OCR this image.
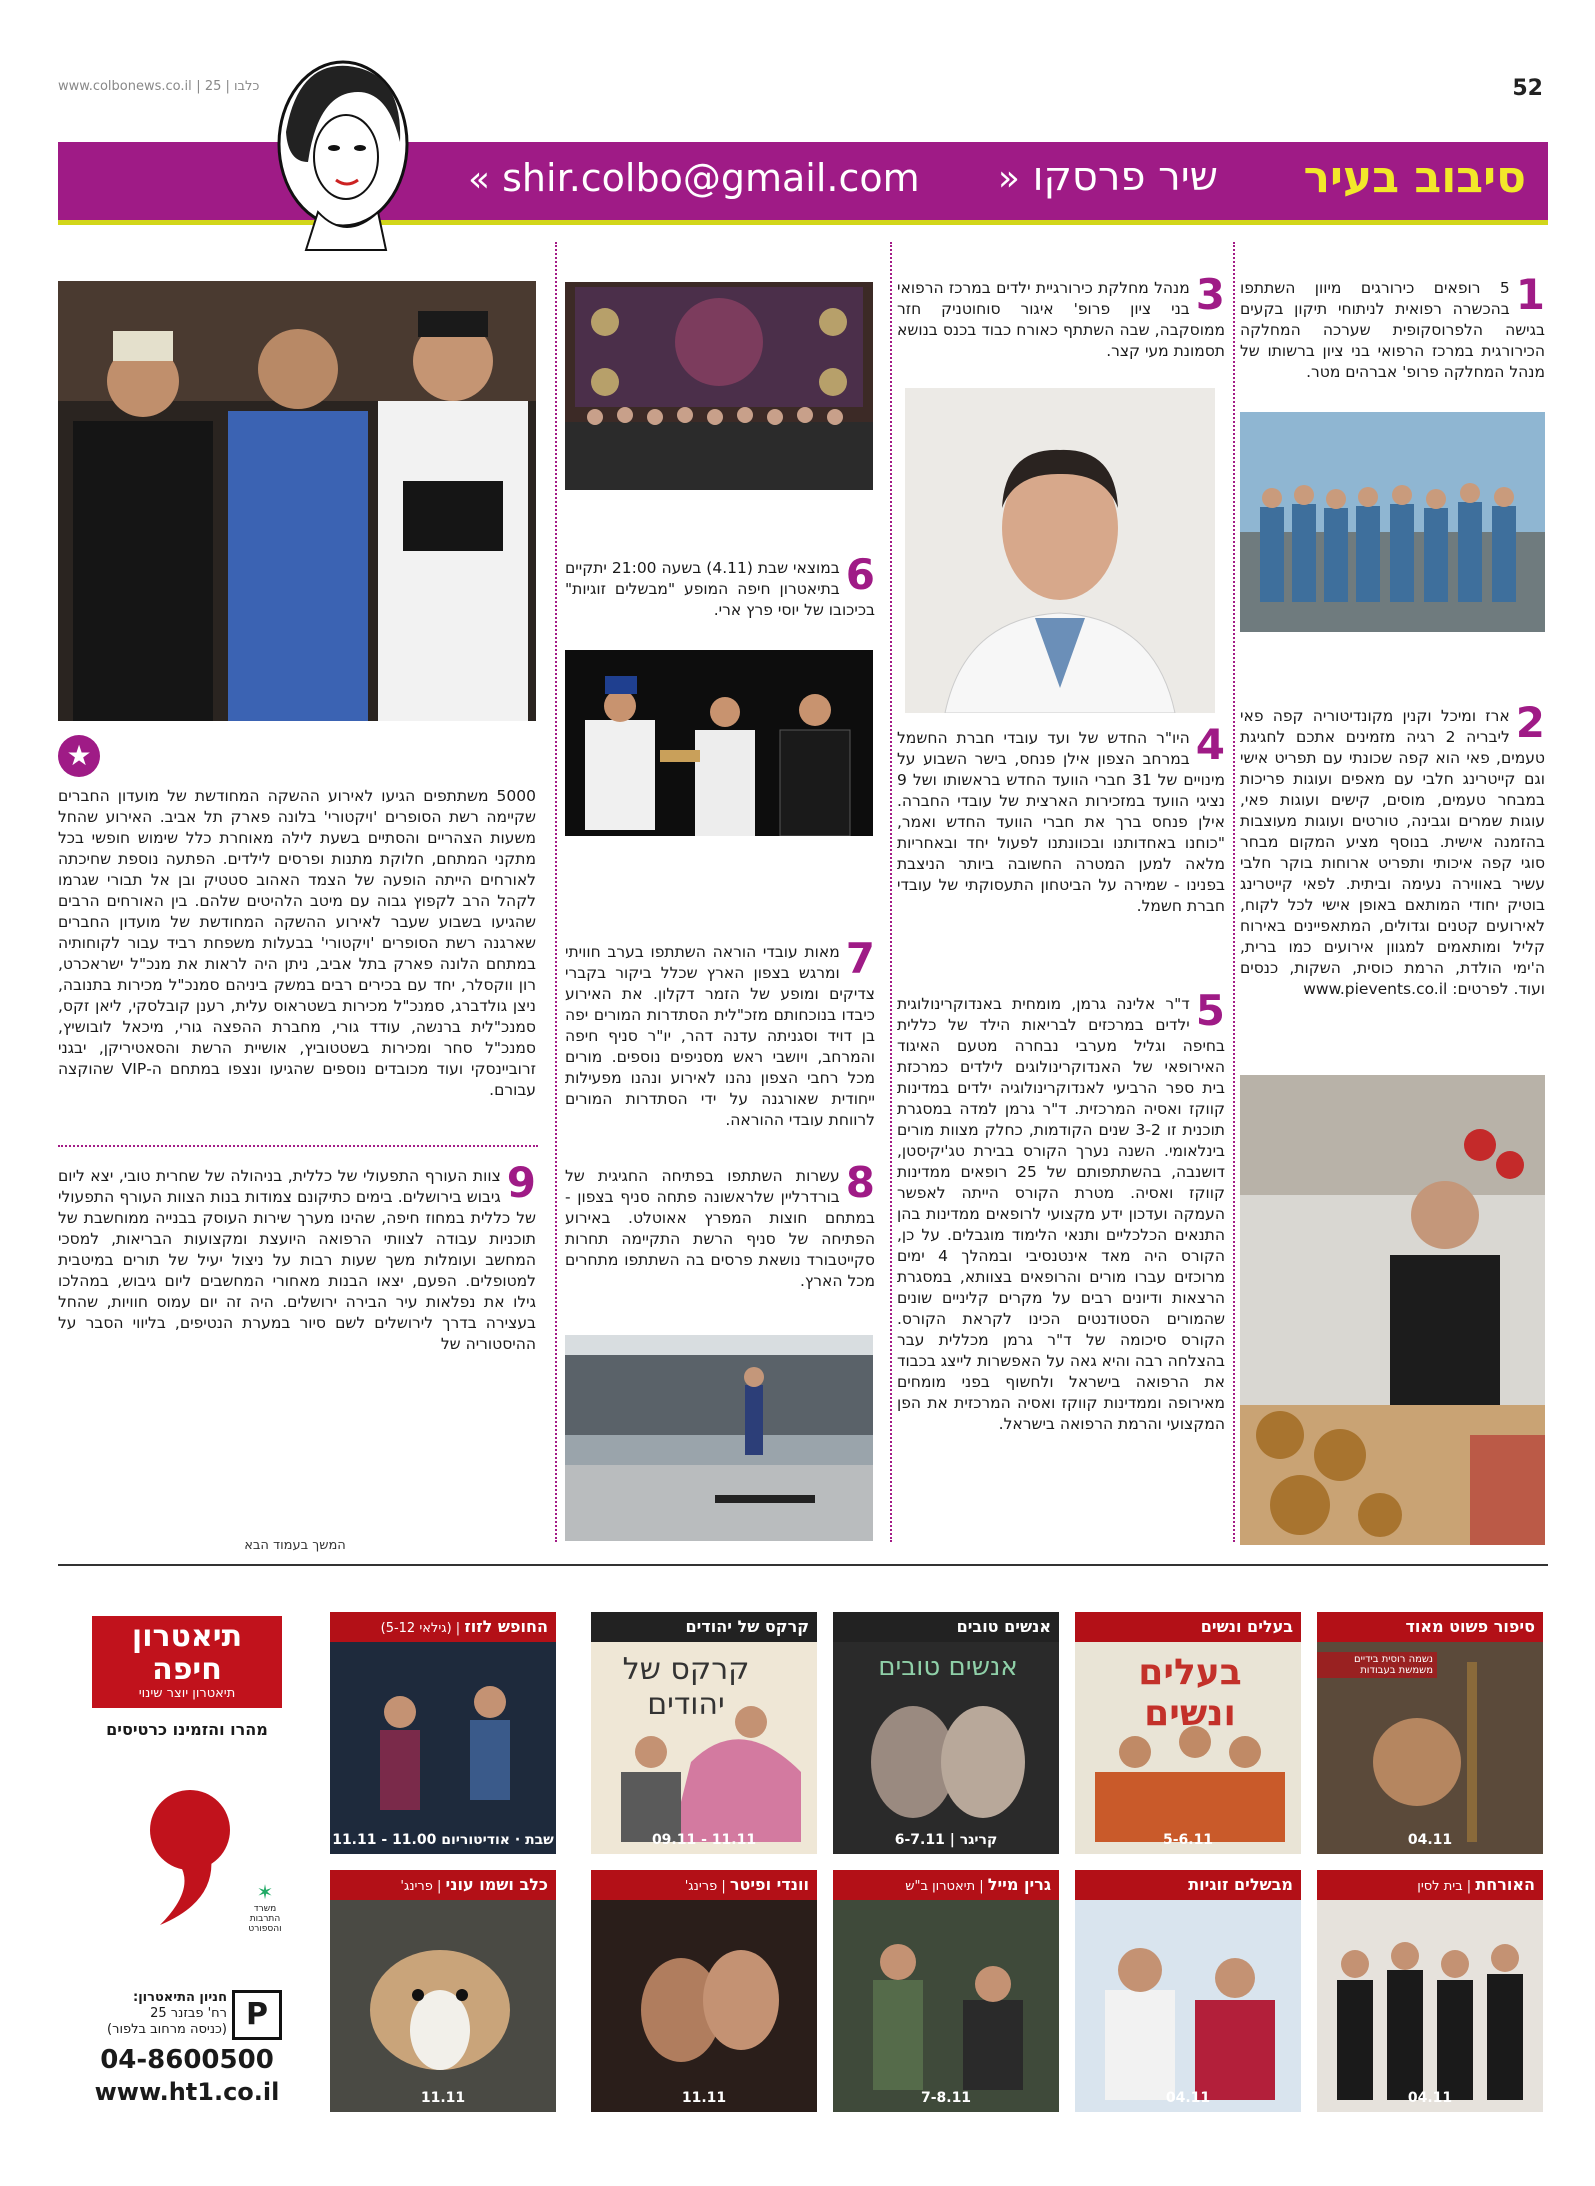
www.colbonews.co.il | כלבו | 25	52
סיבוב בעיר
שיר פרסקו «
« shir.colbo@gmail.com
1
5 רופאים כירורגים מיוון השתתפו בהכשרה רפואית לניתוחי תיקון בקעים בגישה הלפרוסקופית שערכה המחלקה הכירורגית במרכז הרפואי בני ציון ברשותו של מנהל המחלקה פרופ' אברהים מטר.
2
ארז ומיכל וקנין מקונדיטוריה קפה פאי ליבריה 2 רגיה מזמינים אתכם לחגיגת טעמים, פאי הוא קפה שכונתי עם תפריט אישי וגם קייטרינג חלבי עם מאפים ועוגות פריכות במבחר טעמים, מוסים, קישים ועוגות פאי, עוגות שמרים וגבינה, טורטים ועוגות מעוצבות בהזמנה אישית. בנוסף מציע המקום מבחר סוגי קפה איכותי ותפריט ארוחות בוקר חלבי עשיר באווירה נעימה וביתית. לפאי קייטרינג בוטיק יחודי המותאם באופן אישי לכל לקוח, לאירועים קטנים וגדולים, המתאפיינים באירוח קליל ומותאמים למגוון אירועים כמו ברית, ה'ימי הולדת, הרמת כוסית, השקות, כנסים ועוד. לפרטים: www.pievents.co.il
3
מנהל מחלקת כירורגיית ילדים במרכז הרפואי בני ציון פרופ' איגור סוחוטניק חזר ממוסקבה, שבה השתתף כאורח כבוד בכנס בנושא תסמונת מעי קצר.
4
היו"ר החדש של ועד עובדי חברת החשמל במרחב הצפון אילן פנחס, בישר השבוע על מינויים של 31 חברי הוועד החדש בראשותו ושל 9 נציגי הוועד במזכירות הארצית של עובדי החברה. אילן פנחס ברך את חברי הוועד החדש ואמר, "כוחנו באחדותנו ובכוונתנו לפעול יחד ובאחריות מלאה למען המטרה החשובה ביותר הניצבת בפנינו - שמירה על הביטחון התעסוקתי של עובדי חברת חשמל.
5
ד"ר אלינה גרמן, מומחית באנדוקרינולוגית ילדים במרכזים לבריאות הילד של כללית בחיפה וגליל מערבי נבחרה מטעם האיגוד האירופאי של האנדוקרינולוגים לילדים כמרכזת בית ספר הרביעי לאנדוקרינולוגיה ילדים במדינות קווקז ואסיה המרכזית. ד"ר גרמן למדה במסגרת תוכנית זו 3-2 שנים הקודמות, כחלק מצוות מורים בינלאומי. השנה נערך הקורס בבירת טג'יקיסטן, דושנבה, בהשתתפותם של 25 רופאים ממדינות קווקז ואסיה. מטרת הקורס הייתה לאפשר העמקה ועדכון ידע מקצועי לרופאים ממדינות בהן התנאים הכלכליים ותנאי הלימוד מוגבלים. על כן, הקורס היה מאד אינטנסיבי ובמהלך 4 ימים מרוכזים עברו מורים והרופאים בצוותא, במסגרת הרצאות ודיונים רבים על מקרים קליניים שונים שהמורים הסטודנטים הכינו לקראת הקורס. הקורס סיכומה של ד"ר גרמן מכללית עבר בהצלחה רבה והיא גאה על האפשרות לייצג בכבוד את הרפואה בישראל ולחשוף בפני מומחים מאירופה וממדינות קווקז ואסיה המרכזית את הפן המקצועי והרמת הרפואה בישראל.
6
במוצאי שבת (4.11) בשעה 21:00 יתקיים בתיאטרון חיפה המופע "מבשלים זוגיות" בכיכובו של יוסי פרץ ארי.
7
מאות עובדי הוראה השתתפו בערב חוויתי ומרגש בצפון הארץ שכלל ביקור בקברי צדיקים ומופע של הזמר דקלון. את האירוע כיבדו בנוכחותם מזכ"לית הסתדרות המורים יפה בן דויד וסגניתה עדנה דהר, יו"ר סניף חיפה והמרחב, ויושבי ראש מסניפים נוספים. מורים מכל רחבי הצפון נהנו לאירוע ונהנו מפעילות ייחודית שאורגנה על ידי הסתדרות המורים לרווחת עובדי ההוראה.
8
עשרות השתתפו בפתיחה החגיגית של בורדרליין שלראשונה פתחה סניף בצפון - במתחם חוצות המפרץ אאוטלט. באירוע הפתיחה של סניף הרשת התקיימה תחרות סקייטבורד נושאת פרסים בה השתתפו מתחרים מכל הארץ.
★
5000 משתתפים הגיעו לאירוע ההשקה המחודשת של מועדון החברים שקיימה רשת הסופרים 'ויקטורי' בלונה פארק תל אביב. האירוע שהחל משעות הצהריים והסתיים בשעת לילה מאוחרת כלל שימוש חופשי בכל מתקני המתחם, חלוקת מתנות ופרסים לילדים. הפתעה נוספת שחיכתה לאורחים הייתה הופעה של הצמד האהוב סטטיק ובן אל תבורי שגרמו לקהל הרב לקפוץ גבוה עם מיטב הלהיטים שלהם. בין האורחים הרבים שהגיעו בשבוע שעבר לאירוע ההשקה המחודשת של מועדון החברים שארגנה רשת הסופרים 'ויקטורי' בבעלות משפחת רביד עבור לקוחותיה במתחם הלונה פארק בתל אביב, ניתן היה לראות את מנכ"ל ישראכרט, רון ווקסלר, יחד עם בכירים רבים במשק ביניהם סמנכ"ל מכירות בתנובה, ניצן גולדברג, סמנכ"ל מכירות בשטראוס עלית, רענן קובלסקי, ליאן זקס, סמנכ"לית ברנשה, עודד גורי, מחברת ההפצה גורי, מיכאל לובושיץ, סמנכ"ל סחר ומכירות בשטטוביץ, אושיית הרשת והסאטיריקן, יבגני זרוביינסקי ועוד מכובדים נוספים שהגיעו ונצפו במתחם ה-VIP שהוקצה עבורם.
9
צוות העורף התפעולי של כללית, בניהולה של שחרית טובי, יצא ליום גיבוש בירושלים. בימים כתיקונם צמודות בנות הצוות העורף התפעולי של כללית במחוז חיפה, שהינו מערך שירות העוסק בבנייה ממוחשבת של תוכניות עבודה לצוותי הרפואה היועצת ומקצועות הבריאות, למסכי המחשב ועומלות משך שעות רבות על ניצול יעיל של תורים במיטבית למטופלים. הפעם, יצאו הבנות מאחורי המחשבים ליום גיבוש, במהלכו גילו את נפלאות עיר הבירה ירושלים. היה זה יום עמוס חוויות, שהחל בעצירה בדרך לירושלים לשם סיור במערת הנטיפים, בליווי הסבר על ההיסטוריה של
המשך בעמוד הבא
תיאטרון
חיפה
תיאטרון יוצר שינוי
מהרו והזמינו כרטיסים
✶
משרד התרבות והספורט
P
חניון התיאטרון:
רח' פבזנר 25
(כניסה מרחוב בלפור)
04-8600500
www.ht1.co.il
סיפור פשוט מאוד
נשמה רוסית בידיים משמשת בעבודות
04.11
בעלים ונשים
בעלים ונשים
5-6.11
אנשים טובים
אנשים טובים
6-7.11 | קריגר
קרקס של יהודים
קרקס של יהודים
09.11 - 11.11
החופש לזוז | (גילאי 5-12)
שבת · אודיטוריום 11.00 - 11.11
האורחת | בית לסין
04.11
מבשלים זוגיות
04.11
גרין מייל | תיאטרון ב"ש
7-8.11
וונדי ופיטר | פרינג'
11.11
כלב ושמו עוני | פרינג'
11.11
